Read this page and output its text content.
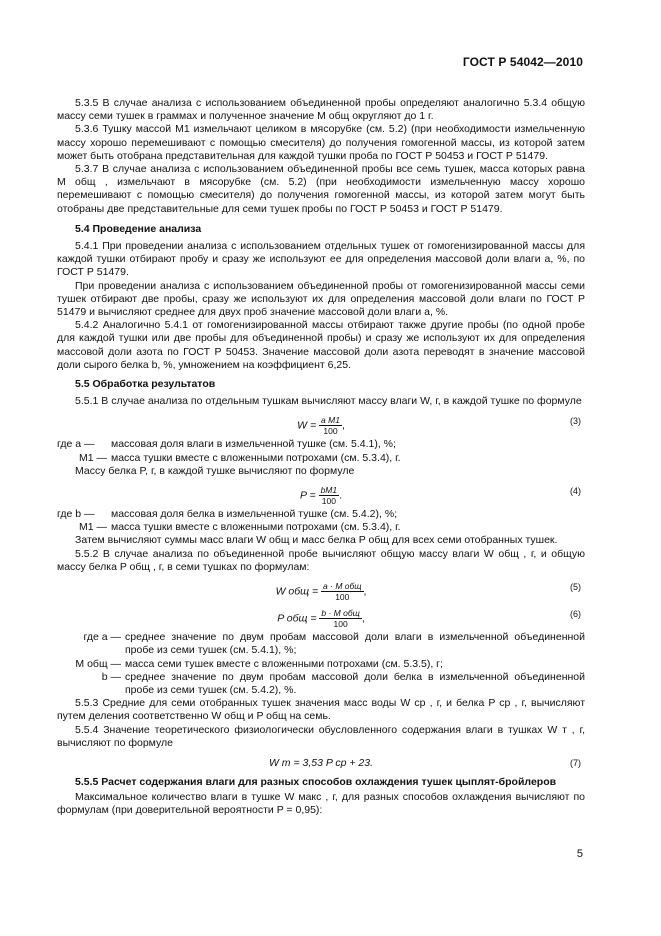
ГОСТ Р 54042—2010

5.3.5 В случае анализа с использованием объединенной пробы определяют аналогично 5.3.4 общую массу семи тушек в граммах и полученное значение M общ округляют до 1 г.

5.3.6 Тушку массой M1 измельчают целиком в мясорубке (см. 5.2) (при необходимости измельченную массу хорошо перемешивают с помощью смесителя) до получения гомогенной массы, из которой затем может быть отобрана представительная для каждой тушки проба по ГОСТ Р 50453 и ГОСТ Р 51479.

5.3.7 В случае анализа с использованием объединенной пробы все семь тушек, масса которых равна M общ , измельчают в мясорубке (см. 5.2) (при необходимости измельченную массу хорошо перемешивают с помощью смесителя) до получения гомогенной массы, из которой затем могут быть отобраны две представительные для семи тушек пробы по ГОСТ Р 50453 и ГОСТ Р 51479.

5.4 Проведение анализа

5.4.1 При проведении анализа с использованием отдельных тушек от гомогенизированной массы для каждой тушки отбирают пробу и сразу же используют ее для определения массовой доли влаги a, %, по ГОСТ Р 51479.

При проведении анализа с использованием объединенной пробы от гомогенизированной массы семи тушек отбирают две пробы, сразу же используют их для определения массовой доли влаги по ГОСТ Р 51479 и вычисляют среднее для двух проб значение массовой доли влаги a, %.

5.4.2 Аналогично 5.4.1 от гомогенизированной массы отбирают также другие пробы (по одной пробе для каждой тушки или две пробы для объединенной пробы) и сразу же используют их для определения массовой доли азота по ГОСТ Р 50453. Значение массовой доли азота переводят в значение массовой доли сырого белка b, %, умножением на коэффициент 6,25.

5.5 Обработка результатов

5.5.1 В случае анализа по отдельным тушкам вычисляют массу влаги W, г, в каждой тушке по формуле

$W = \frac{\text{a M1}}{100}$ ,	(3)
где a —	массовая доля влаги в измельченной тушке (см. 5.4.1), %;
M1 — масса тушки вместе с вложенными потрохами (см. 5.3.4), г.

Массу белка P, г, в каждой тушке вычисляют по формуле

$P = \frac{bM1}{100}$ .	(4)
где b —	массовая доля белка в измельченной тушке (см. 5.4.2), %;
M1 — масса тушки вместе с вложенными потрохами (см. 5.3.4), г.

Затем вычисляют суммы масс влаги W общ и масс белка P общ для всех семи отобранных тушек.

5.5.2 В случае анализа по объединенной пробе вычисляют общую массу влаги W общ , г, и общую массу белка P общ , г, в семи тушках по формулам:

W общ = $\frac{\text{a · M общ}}{100}$ ,	(5)
P общ = $\frac{\text{b · M общ}}{100}$ ,	(6)
где a — среднее значение по двум пробам массовой доли влаги в измельченной объединенной пробе из семи тушек (см. 5.4.1), %;
M общ — масса семи тушек вместе с вложенными потрохами (см. 5.3.5), г;
b — среднее значение по двум пробам массовой доли белка в измельченной объединенной пробе из семи тушек (см. 5.4.2), %.

5.5.3 Средние для семи отобранных тушек значения масс воды W ср , г, и белка P ср , г, вычисляют путем деления соответственно W общ и P общ на семь.

5.5.4 Значение теоретического физиологически обусловленного содержания влаги в тушках W т , г, вычисляют по формуле

W т = 3,53 P ср + 23.	(7)

5.5.5 Расчет содержания влаги для разных способов охлаждения тушек цыплят-бройлеров

Максимальное количество влаги в тушке W макс , г, для разных способов охлаждения вычисляют по формулам (при доверительной вероятности P = 0,95):

5
